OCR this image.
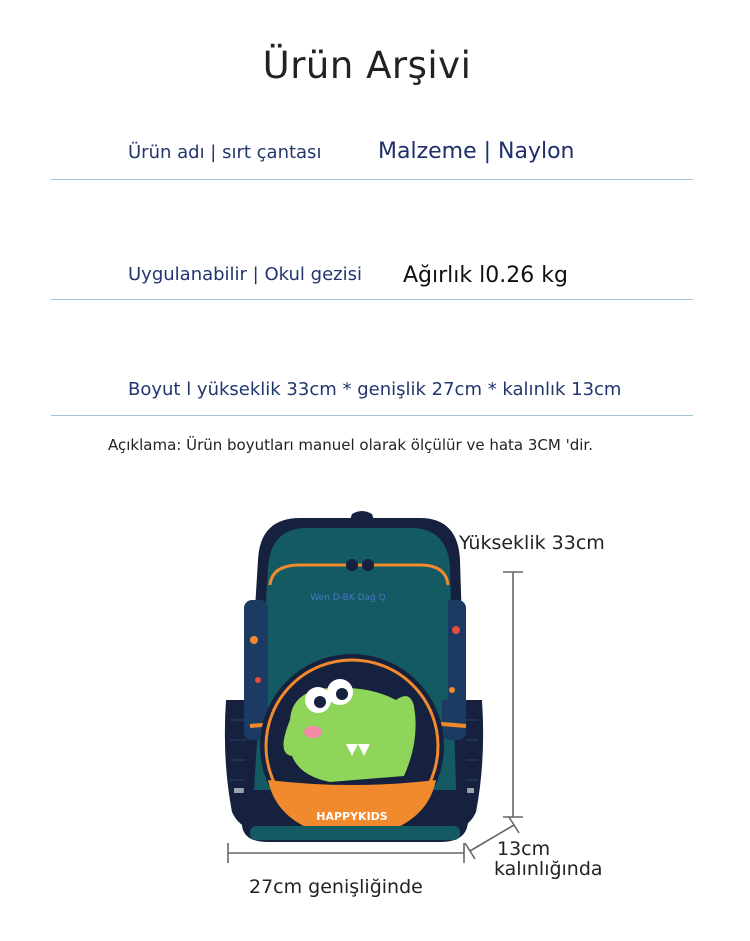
Ürün Arşivi
Ürün adı | sırt çantası	Malzeme | Naylon
Uygulanabilir | Okul gezisi Ağırlık l0.26 kg
Boyut l yükseklik 33cm * genişlik 27cm * kalınlık 13cm
Açıklama: Ürün boyutları manuel olarak ölçülür ve hata 3CM 'dir.
Wen D-BK Dağ Q
HAPPYKIDS
Yükseklik 33cm
27cm genişliğinde
13cm
kalınlığında
